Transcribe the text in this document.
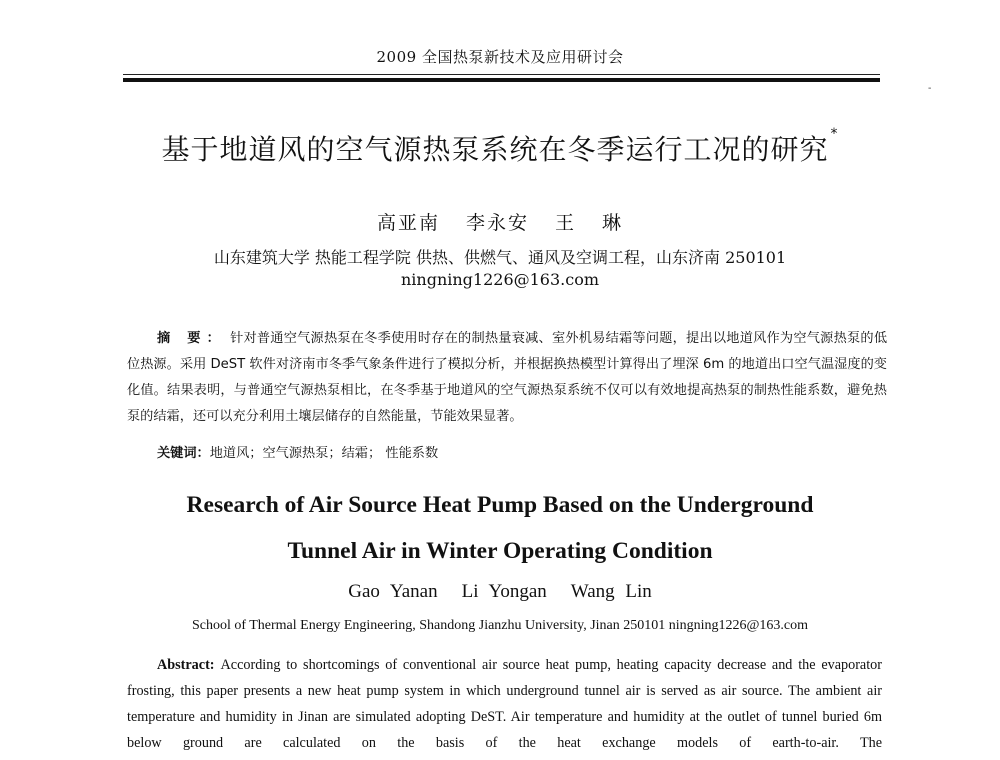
2009 全国热泵新技术及应用研讨会
-
基于地道风的空气源热泵系统在冬季运行工况的研究 *
高亚南 李永安 王 琳
山东建筑大学 热能工程学院 供热、供燃气、通风及空调工程，山东济南 250101
ningning1226@163.com
摘 要： 针对普通空气源热泵在冬季使用时存在的制热量衰减、室外机易结霜等问题，提出以地道风作为空气源热泵的低位热源。采用 DeST 软件对济南市冬季气象条件进行了模拟分析，并根据换热模型计算得出了埋深 6m 的地道出口空气温湿度的变化值。结果表明，与普通空气源热泵相比，在冬季基于地道风的空气源热泵系统不仅可以有效地提高热泵的制热性能系数，避免热泵的结霜，还可以充分利用土壤层储存的自然能量，节能效果显著。
关键词：地道风；空气源热泵；结霜； 性能系数
Research of Air Source Heat Pump Based on the Underground
Tunnel Air in Winter Operating Condition
Gao Yanan Li Yongan Wang Lin
School of Thermal Energy Engineering, Shandong Jianzhu University, Jinan 250101 ningning1226@163.com
Abstract: According to shortcomings of conventional air source heat pump, heating capacity decrease and the evaporator frosting, this paper presents a new heat pump system in which underground tunnel air is served as air source. The ambient air temperature and humidity in Jinan are simulated adopting DeST. Air temperature and humidity at the outlet of tunnel buried 6m below ground are calculated on the basis of the heat exchange models of earth-to-air. The
